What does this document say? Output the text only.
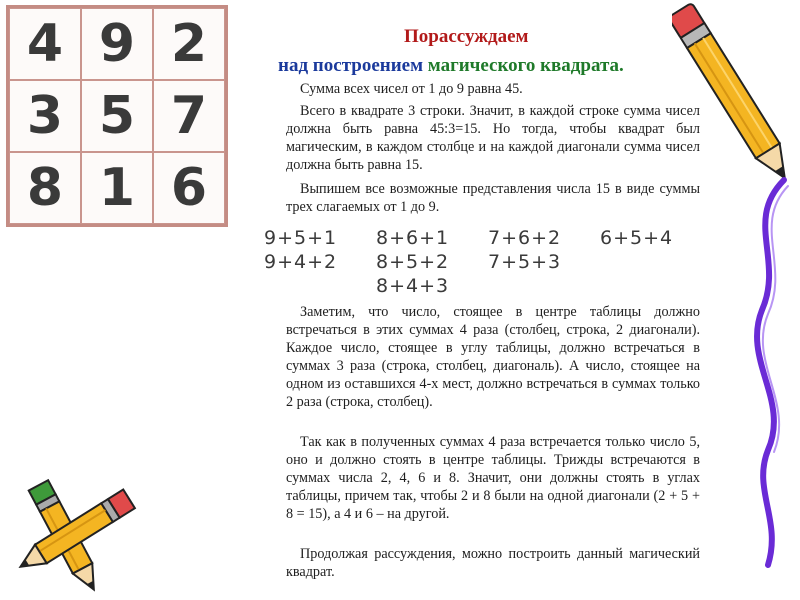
4 9 2
3 5 7
8 1 6
Порассуждаем
над построением магического квадрата.

Сумма всех чисел от 1 до 9 равна 45.

Всего в квадрате 3 строки. Значит, в каждой строке сумма чисел должна быть равна 45:3=15. Но тогда, чтобы квадрат был магическим, в каждом столбце и на каждой диагонали сумма чисел должна быть равна 15.

Выпишем все возможные представления числа 15 в виде суммы трех слагаемых от 1 до 9.

9+5+1
9+4+2
8+6+1
8+5+2
8+4+3
7+6+2
7+5+3
6+5+4

Заметим, что число, стоящее в центре таблицы должно встречаться в этих суммах 4 раза (столбец, строка, 2 диагонали). Каждое число, стоящее в углу таблицы, должно встречаться в суммах 3 раза (строка, столбец, диагональ). А число, стоящее на одном из оставшихся 4-х мест, должно встречаться в суммах только 2 раза (строка, столбец).

Так как в полученных суммах 4 раза встречается только число 5, оно и должно стоять в центре таблицы. Трижды встречаются в суммах числа 2, 4, 6 и 8. Значит, они должны стоять в углах таблицы, причем так, чтобы 2 и 8 были на одной диагонали (2 + 5 + 8 = 15), а 4 и 6 – на другой.

Продолжая рассуждения, можно построить данный магический квадрат.
